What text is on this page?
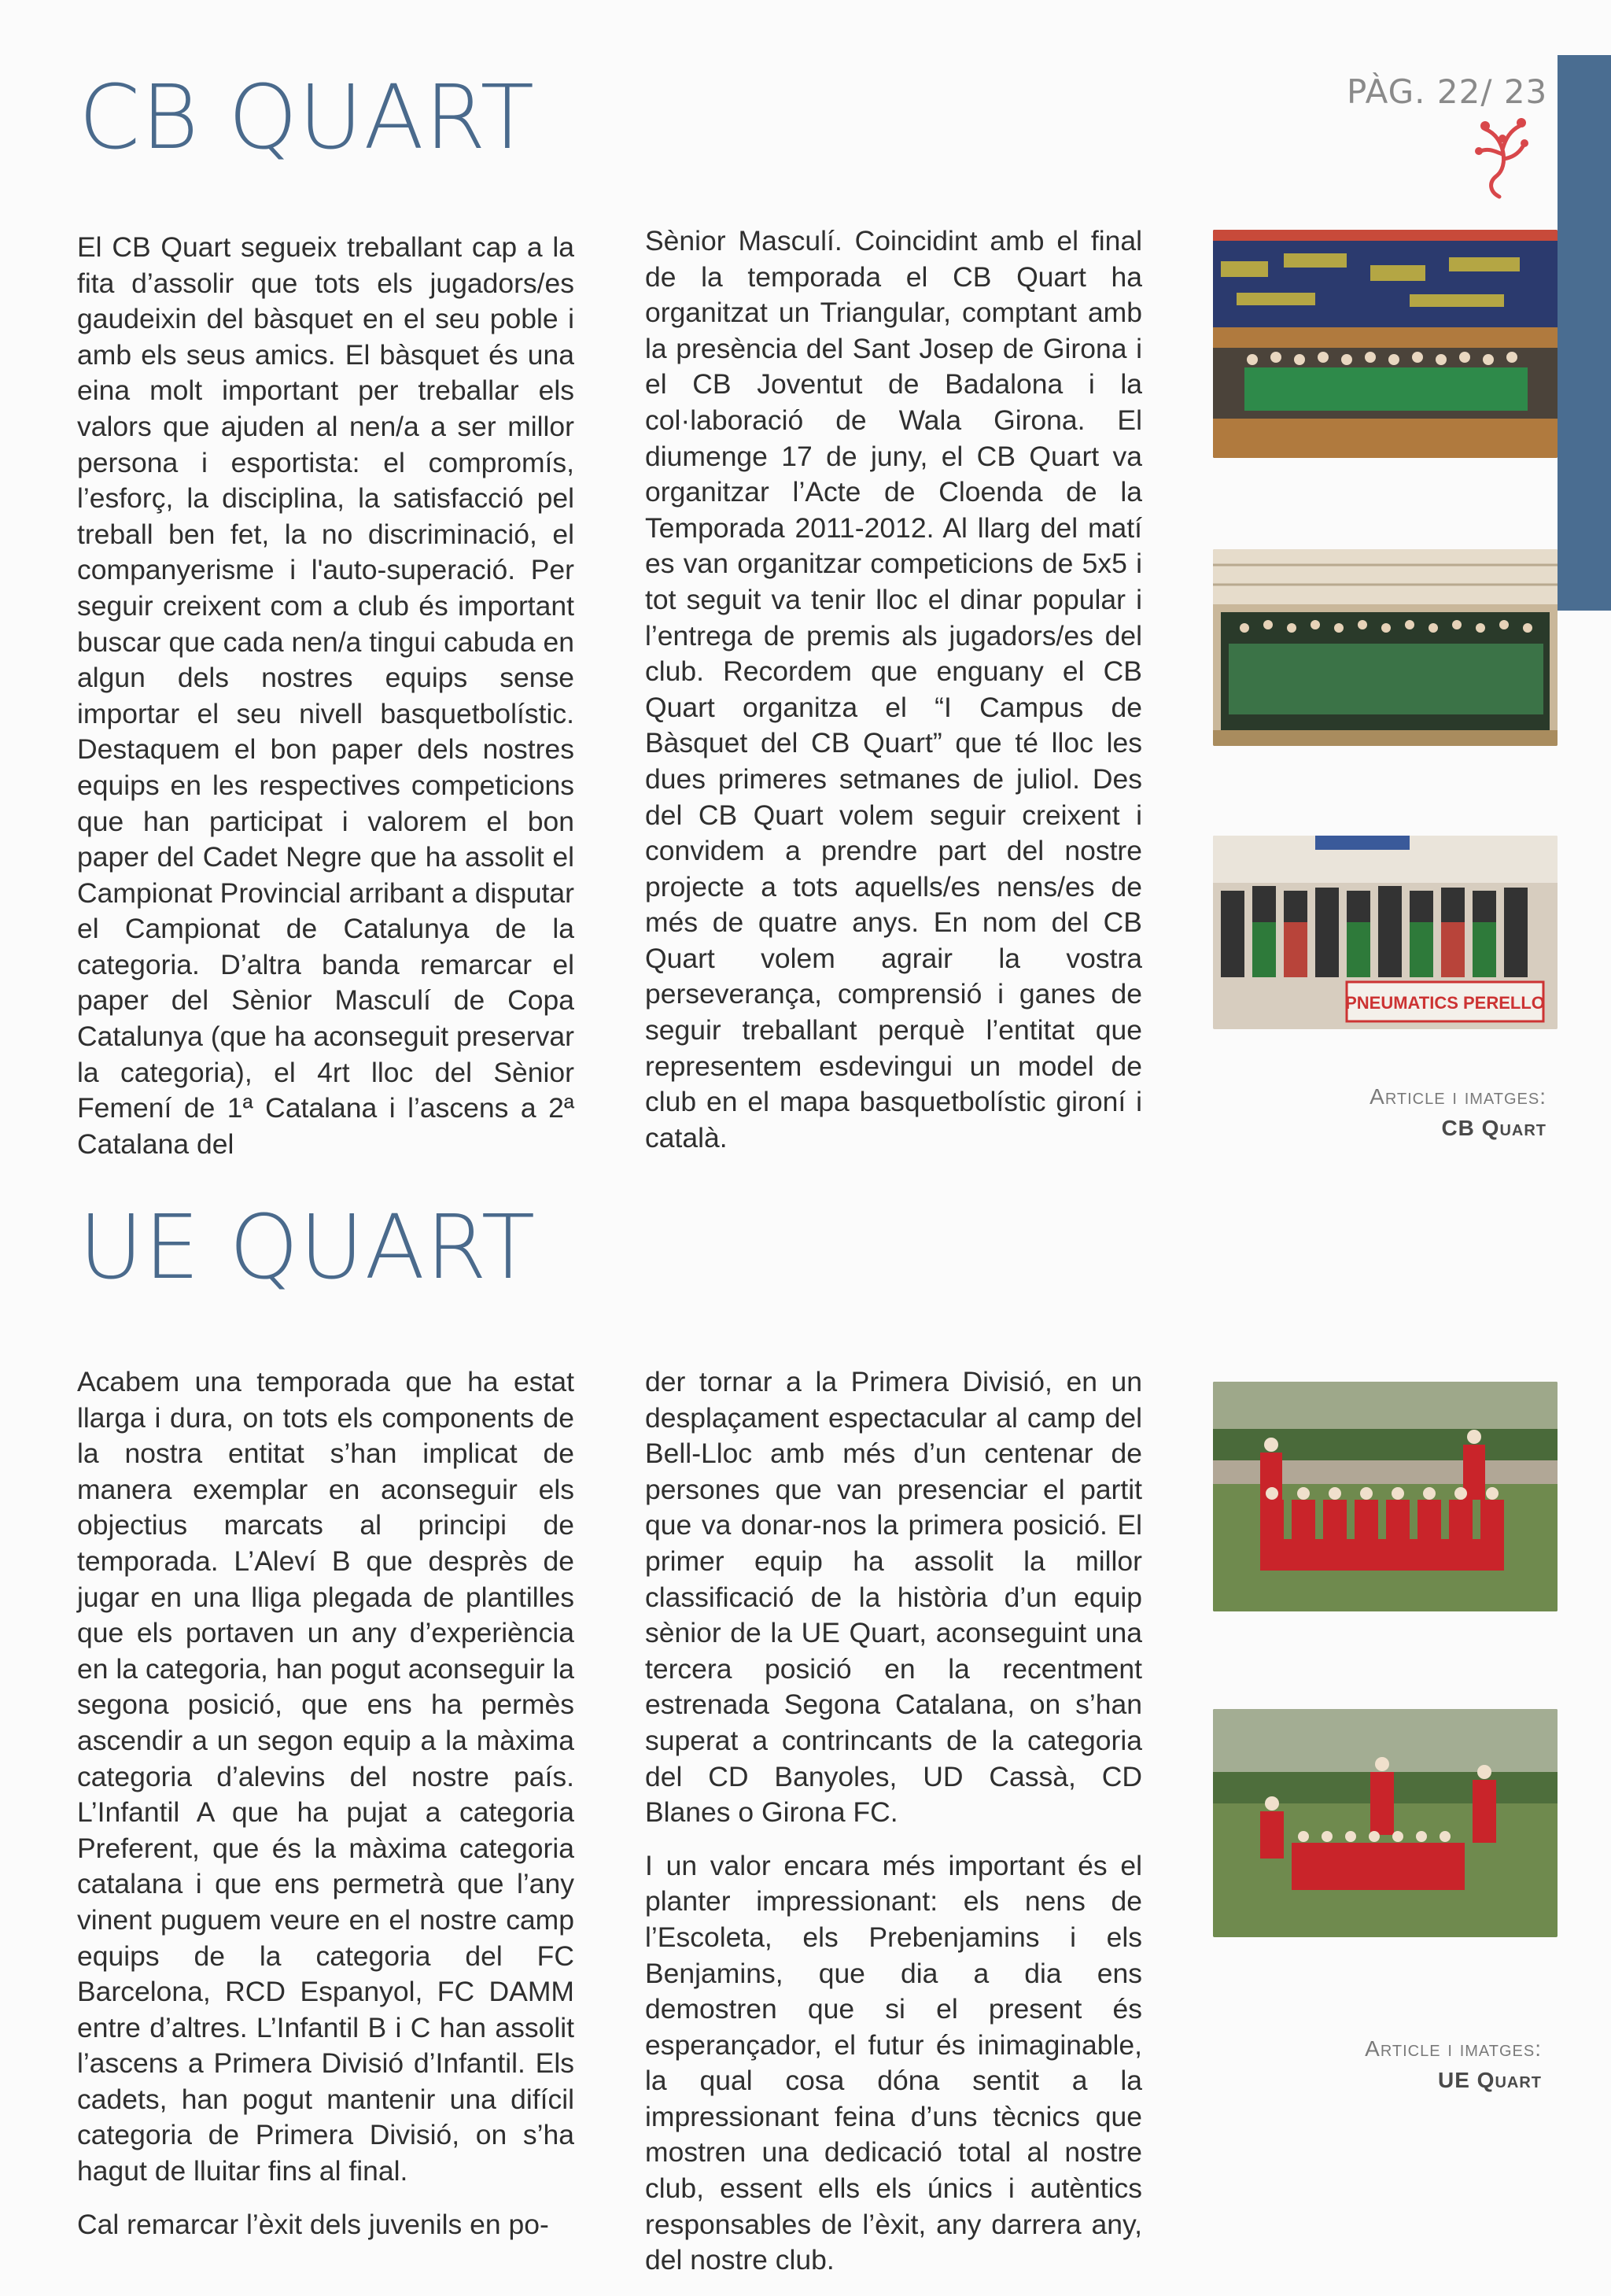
PÀG. 22/ 23
CB QUART

El CB Quart segueix treballant cap a la fita d’assolir que tots els jugadors/es gaudeixin del bàsquet en el seu poble i amb els seus amics. El bàsquet és una eina molt important per treballar els valors que ajuden al nen/a a ser millor persona i esportista: el compromís, l’esforç, la disciplina, la satisfacció pel treball ben fet, la no discriminació, el companyerisme i l'auto-superació. Per seguir creixent com a club és important buscar que cada nen/a tingui cabuda en algun dels nostres equips sense importar el seu nivell basquetbolístic. Destaquem el bon paper dels nostres equips en les respectives competicions que han participat i valorem el bon paper del Cadet Negre que ha assolit el Campionat Provincial arribant a disputar el Campionat de Catalunya de la categoria. D’altra banda remarcar el paper del Sènior Masculí de Copa Catalunya (que ha aconseguit preservar la categoria), el 4rt lloc del Sènior Femení de 1ª Catalana i l’ascens a 2ª Catalana del

Sènior Masculí. Coincidint amb el final de la temporada el CB Quart ha organitzat un Triangular, comptant amb la presència del Sant Josep de Girona i el CB Joventut de Badalona i la col·laboració de Wala Girona. El diumenge 17 de juny, el CB Quart va organitzar l’Acte de Cloenda de la Temporada 2011-2012. Al llarg del matí es van organitzar competicions de 5x5 i tot seguit va tenir lloc el dinar popular i l’entrega de premis als jugadors/es del club. Recordem que enguany el CB Quart organitza el “I Campus de Bàsquet del CB Quart” que té lloc les dues primeres setmanes de juliol. Des del CB Quart volem seguir creixent i convidem a prendre part del nostre projecte a tots aquells/es nens/es de més de quatre anys. En nom del CB Quart volem agrair la vostra perseverança, comprensió i ganes de seguir treballant perquè l’entitat que representem esdevingui un model de club en el mapa basquetbolístic gironí i català.

PNEUMATICS PERELLO
Article i imatges:
CB Quart
UE QUART

Acabem una temporada que ha estat llarga i dura, on tots els components de la nostra entitat s’han implicat de manera exemplar en aconseguir els objectius marcats al principi de temporada. L’Aleví B que desprès de jugar en una lliga plegada de plantilles que els portaven un any d’experiència en la categoria, han pogut aconseguir la segona posició, que ens ha permès ascendir a un segon equip a la màxima categoria d’alevins del nostre país. L’Infantil A que ha pujat a categoria Preferent, que és la màxima categoria catalana i que ens permetrà que l’any vinent puguem veure en el nostre camp equips de la categoria del FC Barcelona, RCD Espanyol, FC DAMM entre d’altres. L’Infantil B i C han assolit l’ascens a Primera Divisió d’Infantil. Els cadets, han pogut mantenir una difícil categoria de Primera Divisió, on s’ha hagut de lluitar fins al final.

Cal remarcar l’èxit dels juvenils en po-

der tornar a la Primera Divisió, en un desplaçament espectacular al camp del Bell-Lloc amb més d’un centenar de persones que van presenciar el partit que va donar-nos la primera posició. El primer equip ha assolit la millor classificació de la història d’un equip sènior de la UE Quart, aconseguint una tercera posició en la recentment estrenada Segona Catalana, on s’han superat a contrincants de la categoria del CD Banyoles, UD Cassà, CD Blanes o Girona FC.

I un valor encara més important és el planter impressionant: els nens de l’Escoleta, els Prebenjamins i els Benjamins, que dia a dia ens demostren que si el present és esperançador, el futur és inimaginable, la qual cosa dóna sentit a la impressionant feina d’uns tècnics que mostren una dedicació total al nostre club, essent ells els únics i autèntics responsables de l’èxit, any darrera any, del nostre club.

Article i imatges:
UE Quart
